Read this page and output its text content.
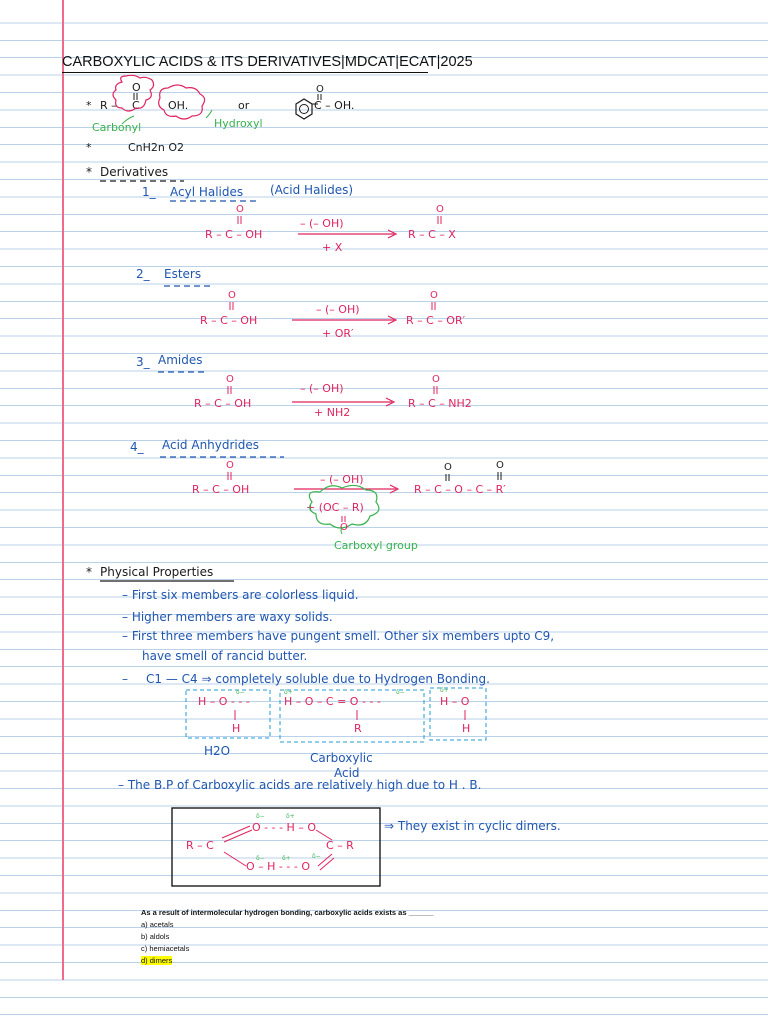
CARBOXYLIC ACIDS & ITS DERIVATIVES|MDCAT|ECAT|2025
* R – C
O
OH.	or	C – OH.
Carbonyl	Hydroxyl
*	CnH2n O2
* Derivatives
1_ Acyl Halides (Acid Halides)
R – C – OH
– (– OH)
+ X
R – C – X
2_ Esters
R – C – OH
– (– OH)
+ OR′
R – C – OR′
3_ Amides
R – C – OH
– (– OH)
+ NH2
R – C – NH2
4_ Acid Anhydrides
R – C – OH
– (– OH)
+ (OC – R)
R – C – O – C – R′
Carboxyl group
* Physical Properties
– First six members are colorless liquid.
– Higher members are waxy solids.
– First three members have pungent smell. Other six members upto C9,
have smell of rancid butter.
– C1 — C4 ⇒ completely soluble due to Hydrogen Bonding.
H – O - - -	H – O – C = O - - -	H – O
H	R	H
H2O	Carboxylic
Acid
– The B.P of Carboxylic acids are relatively high due to H . B.
R – C
O - - - H – O
O – H - - - O
C – R
⇒ They exist in cyclic dimers.
As a result of intermolecular hydrogen bonding, carboxylic acids exists as ______
a) acetals
b) aldols
c) hemiacetals
d) dimers
O
O	O
O	O
O	O
O	O	O
O
δ−	δ+	δ−	δ+
δ−	δ+
δ−	δ+	δ−
